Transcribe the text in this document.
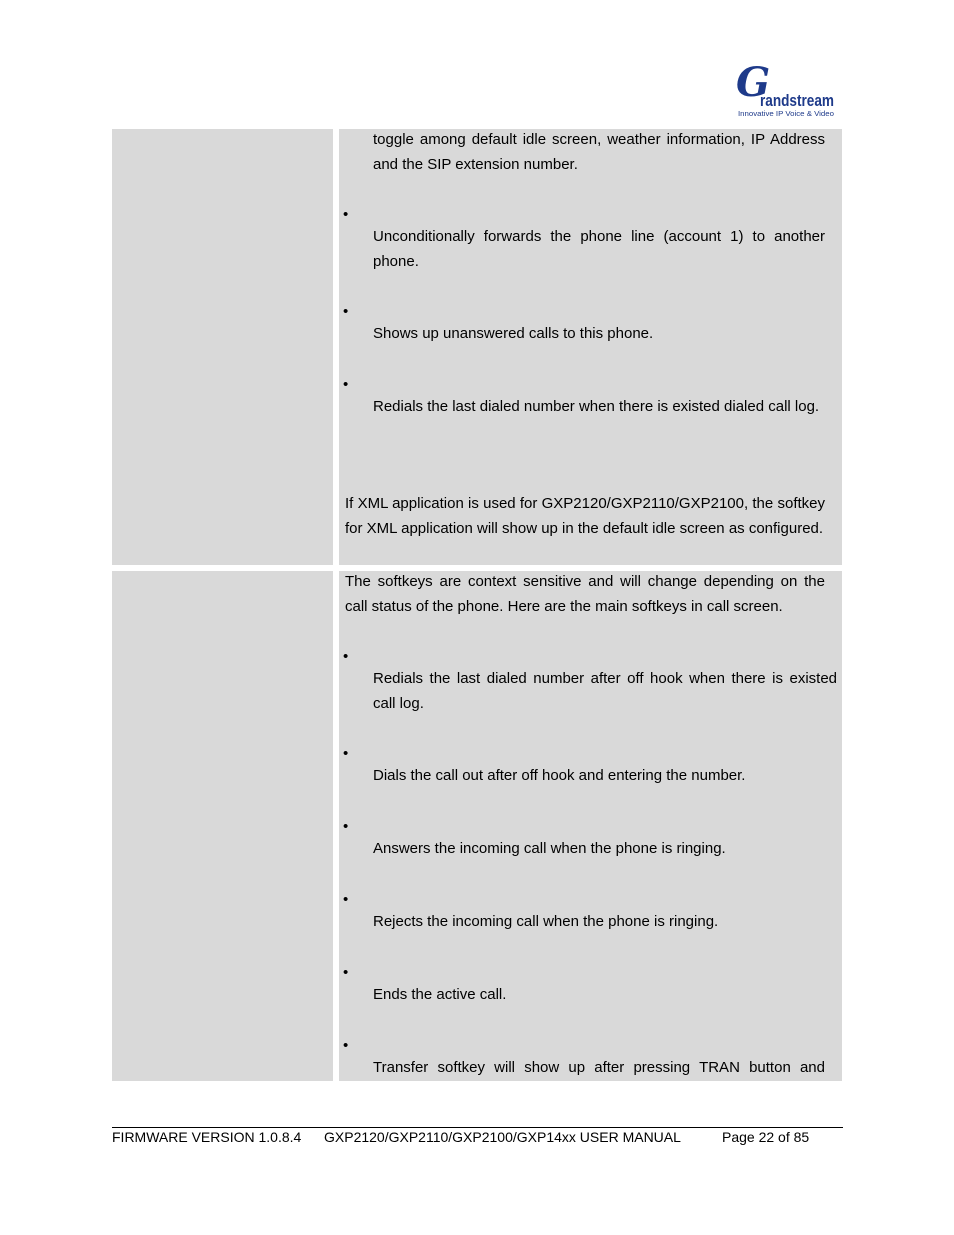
G
randstream
Innovative IP Voice & Video

toggle among default idle screen, weather information, IP Address and the SIP extension number.

•

Unconditionally forwards the phone line (account 1) to another phone.

•

Shows up unanswered calls to this phone.

•

Redials the last dialed number when there is existed dialed call log.

If XML application is used for GXP2120/GXP2110/GXP2100, the softkey for XML application will show up in the default idle screen as configured.

The softkeys are context sensitive and will change depending on the call status of the phone. Here are the main softkeys in call screen.

•

Redials the last dialed number after off hook when there is existed call log.

•

Dials the call out after off hook and entering the number.

•

Answers the incoming call when the phone is ringing.

•

Rejects the incoming call when the phone is ringing.

•

Ends the active call.

•

Transfer softkey will show up after pressing TRAN button and

FIRMWARE VERSION 1.0.8.4 GXP2120/GXP2110/GXP2100/GXP14xx USER MANUAL	Page 22 of 85
